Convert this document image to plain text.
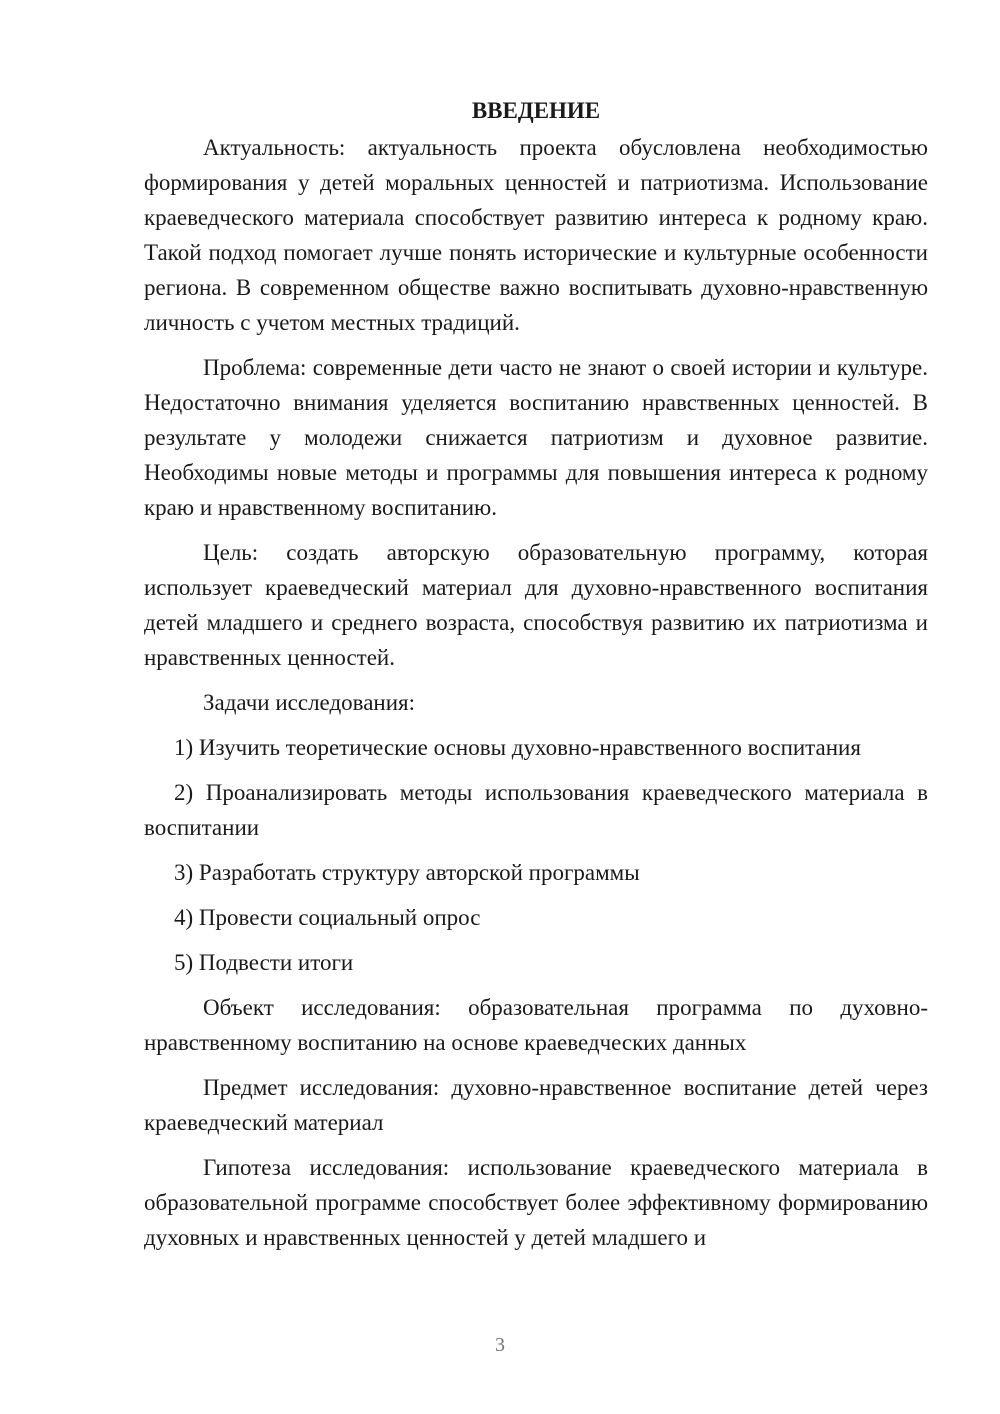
ВВЕДЕНИЕ

Актуальность: актуальность проекта обусловлена необходимостью формирования у детей моральных ценностей и патриотизма. Использование краеведческого материала способствует развитию интереса к родному краю. Такой подход помогает лучше понять исторические и культурные особенности региона. В современном обществе важно воспитывать духовно-нравственную личность с учетом местных традиций.

Проблема: современные дети часто не знают о своей истории и культуре. Недостаточно внимания уделяется воспитанию нравственных ценностей. В результате у молодежи снижается патриотизм и духовное развитие. Необходимы новые методы и программы для повышения интереса к родному краю и нравственному воспитанию.

Цель: создать авторскую образовательную программу, которая использует краеведческий материал для духовно-нравственного воспитания детей младшего и среднего возраста, способствуя развитию их патриотизма и нравственных ценностей.

Задачи исследования:

1) Изучить теоретические основы духовно-нравственного воспитания

2) Проанализировать методы использования краеведческого материала в воспитании

3) Разработать структуру авторской программы

4) Провести социальный опрос

5) Подвести итоги

Объект исследования: образовательная программа по духовно-нравственному воспитанию на основе краеведческих данных

Предмет исследования: духовно-нравственное воспитание детей через краеведческий материал

Гипотеза исследования: использование краеведческого материала в образовательной программе способствует более эффективному формированию духовных и нравственных ценностей у детей младшего и

3
